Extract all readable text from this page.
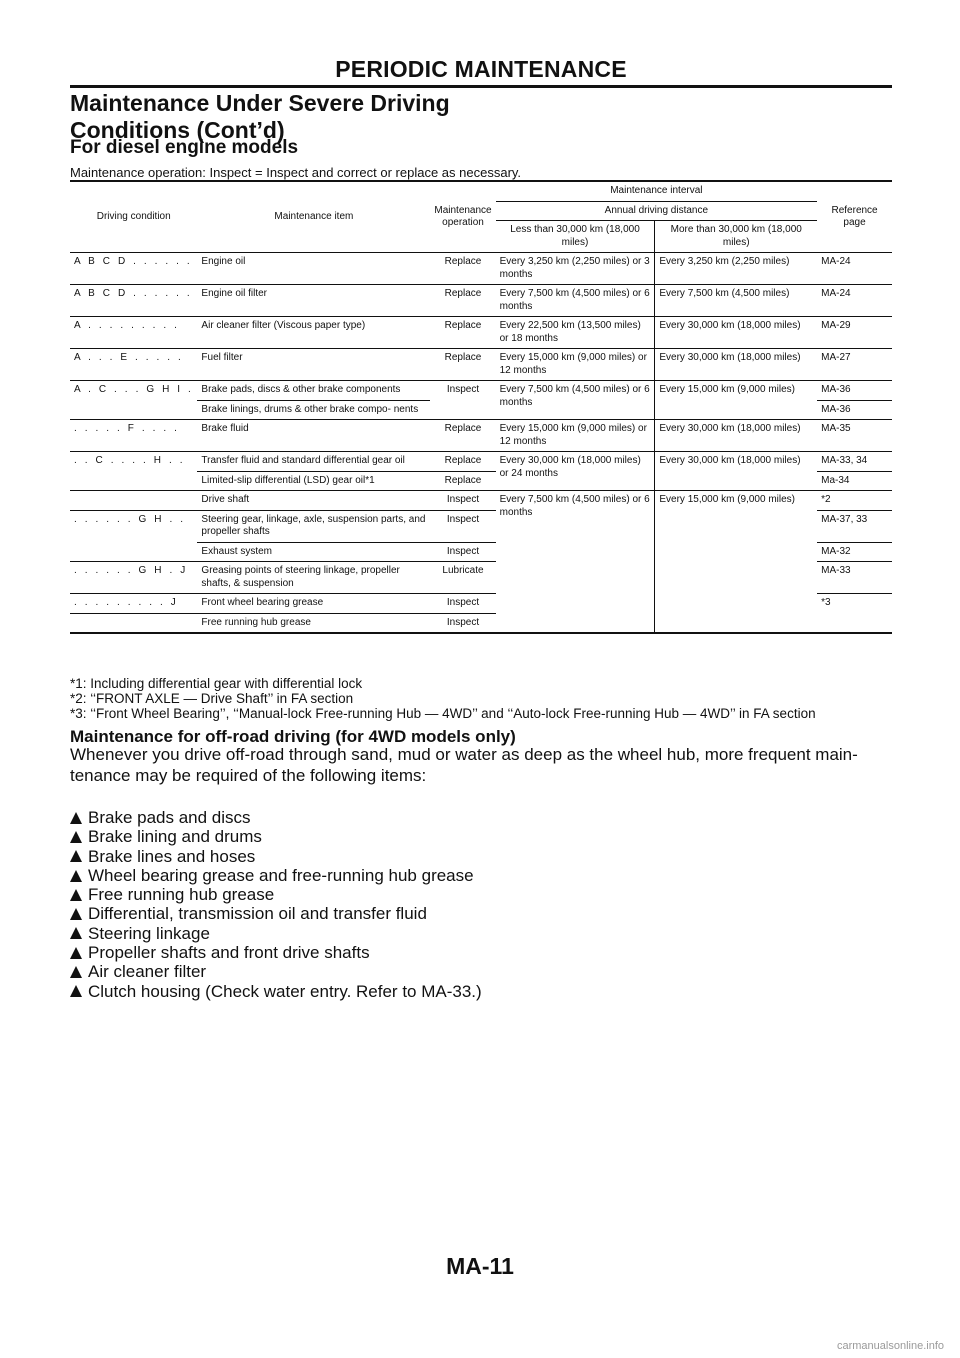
PERIODIC MAINTENANCE
Maintenance Under Severe Driving
Conditions (Cont’d)
For diesel engine models
Maintenance operation: Inspect = Inspect and correct or replace as necessary.
Driving condition	Maintenance item	Maintenance operation	Maintenance interval		Reference page
			Annual driving distance		
			Less than 30,000 km (18,000 miles)	More than 30,000 km (18,000 miles)	
A B C D . . . . . .	Engine oil	Replace	Every 3,250 km (2,250 miles) or 3 months	Every 3,250 km (2,250 miles)	MA-24
A B C D . . . . . .	Engine oil filter	Replace	Every 7,500 km (4,500 miles) or 6 months	Every 7,500 km (4,500 miles)	MA-24
A . . . . . . . . .	Air cleaner filter (Viscous paper type)	Replace	Every 22,500 km (13,500 miles) or 18 months	Every 30,000 km (18,000 miles)	MA-29
A . . . E . . . . .	Fuel filter	Replace	Every 15,000 km (9,000 miles) or 12 months	Every 30,000 km (18,000 miles)	MA-27
A . C . . . G H I .	Brake pads, discs & other brake components	Inspect	Every 7,500 km (4,500 miles) or 6 months	Every 15,000 km (9,000 miles)	MA-36
	Brake linings, drums & other brake compo- nents				MA-36
. . . . . F . . . .	Brake fluid	Replace	Every 15,000 km (9,000 miles) or 12 months	Every 30,000 km (18,000 miles)	MA-35
. . C . . . . H . .	Transfer fluid and standard differential gear oil	Replace	Every 30,000 km (18,000 miles) or 24 months	Every 30,000 km (18,000 miles)	MA-33, 34
	Limited-slip differential (LSD) gear oil*1	Replace			Ma-34
	Drive shaft	Inspect	Every 7,500 km (4,500 miles) or 6 months	Every 15,000 km (9,000 miles)	*2
. . . . . . G H . .	Steering gear, linkage, axle, suspension parts, and propeller shafts	Inspect			MA-37, 33
	Exhaust system	Inspect			MA-32
. . . . . . G H . J	Greasing points of steering linkage, propeller shafts, & suspension	Lubricate			MA-33
. . . . . . . . . J	Front wheel bearing grease	Inspect			*3
	Free running hub grease	Inspect			
*1: Including differential gear with differential lock
*2: ‘‘FRONT AXLE — Drive Shaft’’ in FA section
*3: ‘‘Front Wheel Bearing’’, ‘‘Manual-lock Free-running Hub — 4WD’’ and ‘‘Auto-lock Free-running Hub — 4WD’’ in FA section
Maintenance for off-road driving (for 4WD models only)
Whenever you drive off-road through sand, mud or water as deep as the wheel hub, more frequent main- tenance may be required of the following items:
Brake pads and discs
Brake lining and drums
Brake lines and hoses
Wheel bearing grease and free-running hub grease
Free running hub grease
Differential, transmission oil and transfer fluid
Steering linkage
Propeller shafts and front drive shafts
Air cleaner filter
Clutch housing (Check water entry. Refer to MA-33.)
MA-11
carmanualsonline.info
